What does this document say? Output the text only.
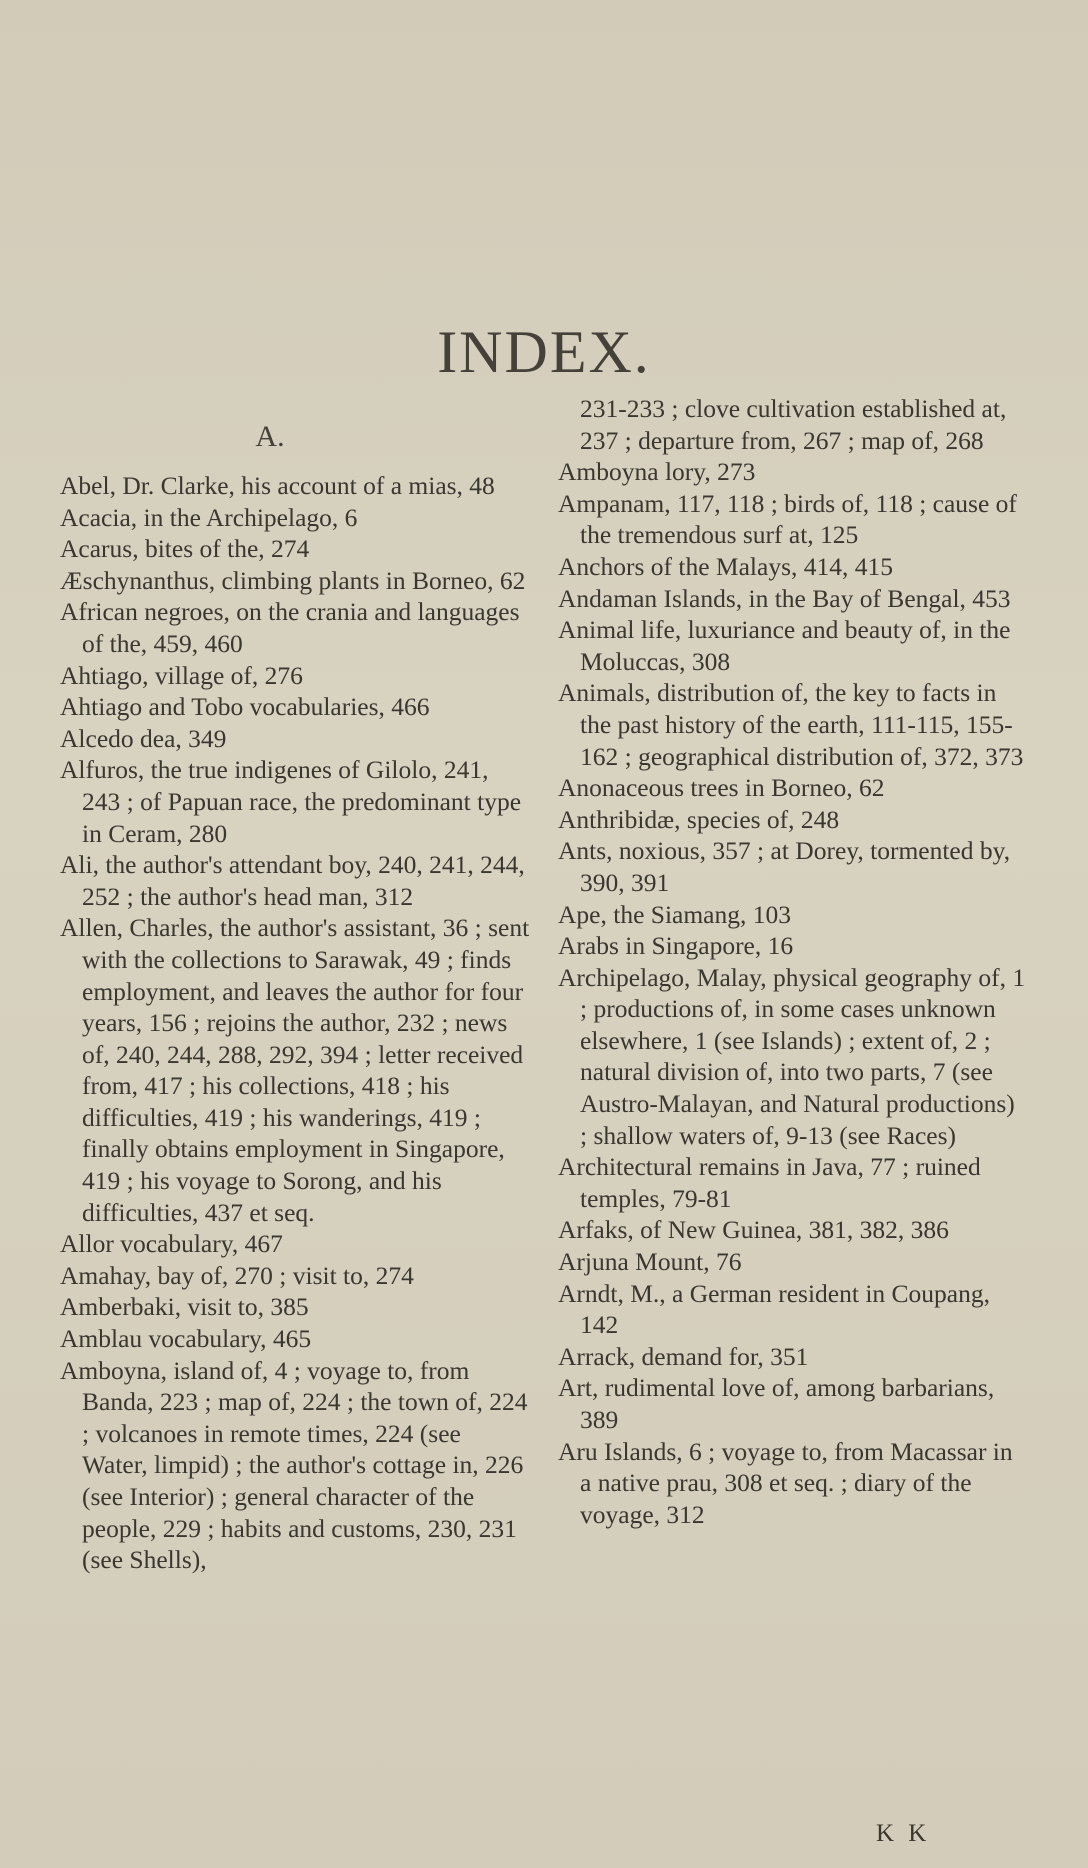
INDEX.
A.
Abel, Dr. Clarke, his account of a mias, 48
Acacia, in the Archipelago, 6
Acarus, bites of the, 274
Æschynanthus, climbing plants in Borneo, 62
African negroes, on the crania and languages of the, 459, 460
Ahtiago, village of, 276
Ahtiago and Tobo vocabularies, 466
Alcedo dea, 349
Alfuros, the true indigenes of Gilolo, 241, 243 ; of Papuan race, the predominant type in Ceram, 280
Ali, the author's attendant boy, 240, 241, 244, 252 ; the author's head man, 312
Allen, Charles, the author's assistant, 36 ; sent with the collections to Sarawak, 49 ; finds employment, and leaves the author for four years, 156 ; rejoins the author, 232 ; news of, 240, 244, 288, 292, 394 ; letter received from, 417 ; his collections, 418 ; his difficulties, 419 ; his wanderings, 419 ; finally obtains employment in Singapore, 419 ; his voyage to Sorong, and his difficulties, 437 et seq.
Allor vocabulary, 467
Amahay, bay of, 270 ; visit to, 274
Amberbaki, visit to, 385
Amblau vocabulary, 465
Amboyna, island of, 4 ; voyage to, from Banda, 223 ; map of, 224 ; the town of, 224 ; volcanoes in remote times, 224 (see Water, limpid) ; the author's cottage in, 226 (see Interior) ; general character of the people, 229 ; habits and customs, 230, 231 (see Shells),
231-233 ; clove cultivation established at, 237 ; departure from, 267 ; map of, 268
Amboyna lory, 273
Ampanam, 117, 118 ; birds of, 118 ; cause of the tremendous surf at, 125
Anchors of the Malays, 414, 415
Andaman Islands, in the Bay of Bengal, 453
Animal life, luxuriance and beauty of, in the Moluccas, 308
Animals, distribution of, the key to facts in the past history of the earth, 111-115, 155-162 ; geographical distribution of, 372, 373
Anonaceous trees in Borneo, 62
Anthribidæ, species of, 248
Ants, noxious, 357 ; at Dorey, tormented by, 390, 391
Ape, the Siamang, 103
Arabs in Singapore, 16
Archipelago, Malay, physical geography of, 1 ; productions of, in some cases unknown elsewhere, 1 (see Islands) ; extent of, 2 ; natural division of, into two parts, 7 (see Austro-Malayan, and Natural productions) ; shallow waters of, 9-13 (see Races)
Architectural remains in Java, 77 ; ruined temples, 79-81
Arfaks, of New Guinea, 381, 382, 386
Arjuna Mount, 76
Arndt, M., a German resident in Coupang, 142
Arrack, demand for, 351
Art, rudimental love of, among barbarians, 389
Aru Islands, 6 ; voyage to, from Macassar in a native prau, 308 et seq. ; diary of the voyage, 312
K K
